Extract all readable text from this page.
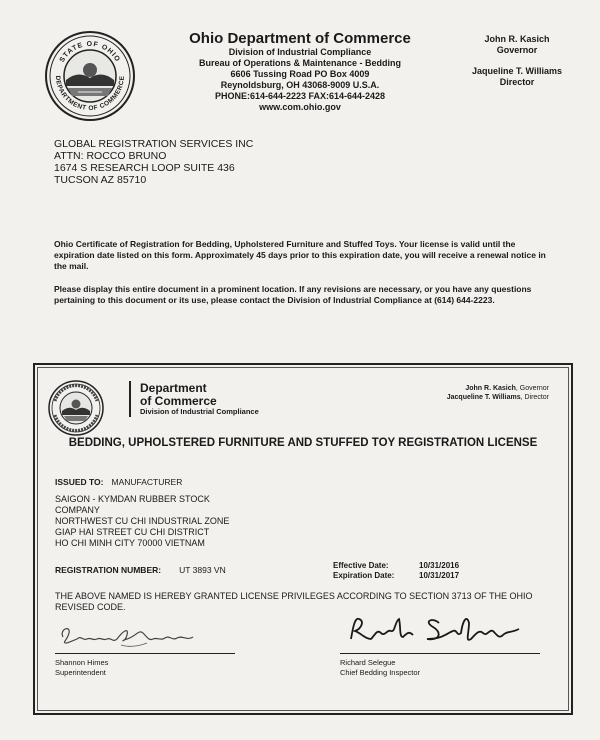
STATE OF OHIO
DEPARTMENT OF COMMERCE
Ohio Department of Commerce
Division of Industrial Compliance
Bureau of Operations & Maintenance - Bedding
6606 Tussing Road PO Box 4009
Reynoldsburg, OH 43068-9009 U.S.A.
PHONE:614-644-2223 FAX:614-644-2428
www.com.ohio.gov
John R. Kasich
Governor
Jaqueline T. Williams
Director
GLOBAL REGISTRATION SERVICES INC
ATTN: ROCCO BRUNO
1674 S RESEARCH LOOP SUITE 436
TUCSON AZ 85710
Ohio Certificate of Registration for Bedding, Upholstered Furniture and Stuffed Toys. Your license is valid until the expiration date listed on this form. Approximately 45 days prior to this expiration date, you will receive a renewal notice in the mail.
Please display this entire document in a prominent location. If any revisions are necessary, or you have any questions pertaining to this document or its use, please contact the Division of Industrial Compliance at (614) 644-2223.
Department
of Commerce
Division of Industrial Compliance
John R. Kasich, Governor
Jacqueline T. Williams, Director
BEDDING, UPHOLSTERED FURNITURE AND STUFFED TOY REGISTRATION LICENSE
ISSUED TO: MANUFACTURER
SAIGON - KYMDAN RUBBER STOCK
COMPANY
NORTHWEST CU CHI INDUSTRIAL ZONE
GIAP HAI STREET CU CHI DISTRICT
HO CHI MINH CITY 70000 VIETNAM
REGISTRATION NUMBER: UT 3893 VN	Effective Date:	10/31/2016
Expiration Date:	10/31/2017
THE ABOVE NAMED IS HEREBY GRANTED LICENSE PRIVILEGES ACCORDING TO SECTION 3713 OF THE OHIO REVISED CODE.
Shannon Himes
Superintendent
Richard Selegue
Chief Bedding Inspector
